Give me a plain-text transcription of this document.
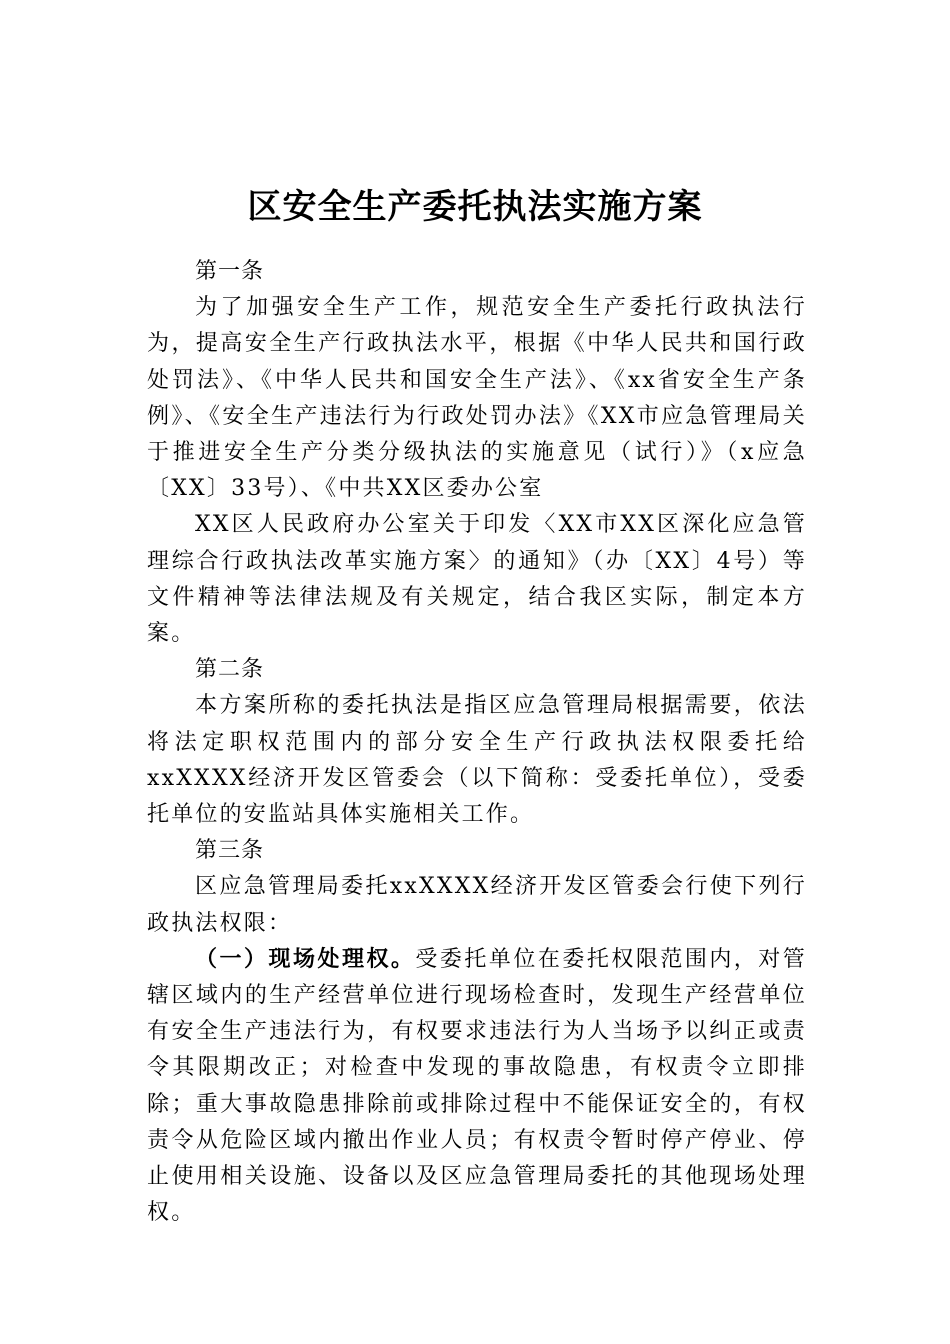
区安全生产委托执法实施方案
第一条

为了加强安全生产工作，规范安全生产委托行政执法行为，提高安全生产行政执法水平，根据《中华人民共和国行政处罚法》、《中华人民共和国安全生产法》、《xx省安全生产条例》、《安全生产违法行为行政处罚办法》《XX市应急管理局关于推进安全生产分类分级执法的实施意见（试行）》（x应急〔XX〕33号）、《中共XX区委办公室

XX区人民政府办公室关于印发〈XX市XX区深化应急管理综合行政执法改革实施方案〉的通知》（办〔XX〕4号）等文件精神等法律法规及有关规定，结合我区实际，制定本方案。

第二条

本方案所称的委托执法是指区应急管理局根据需要，依法将法定职权范围内的部分安全生产行政执法权限委托给xxXXXX经济开发区管委会（以下简称：受委托单位），受委托单位的安监站具体实施相关工作。

第三条

区应急管理局委托xxXXXX经济开发区管委会行使下列行政执法权限：

（一）现场处理权。受委托单位在委托权限范围内，对管辖区域内的生产经营单位进行现场检查时，发现生产经营单位有安全生产违法行为，有权要求违法行为人当场予以纠正或责令其限期改正；对检查中发现的事故隐患，有权责令立即排除；重大事故隐患排除前或排除过程中不能保证安全的，有权责令从危险区域内撤出作业人员；有权责令暂时停产停业、停止使用相关设施、设备以及区应急管理局委托的其他现场处理权。
